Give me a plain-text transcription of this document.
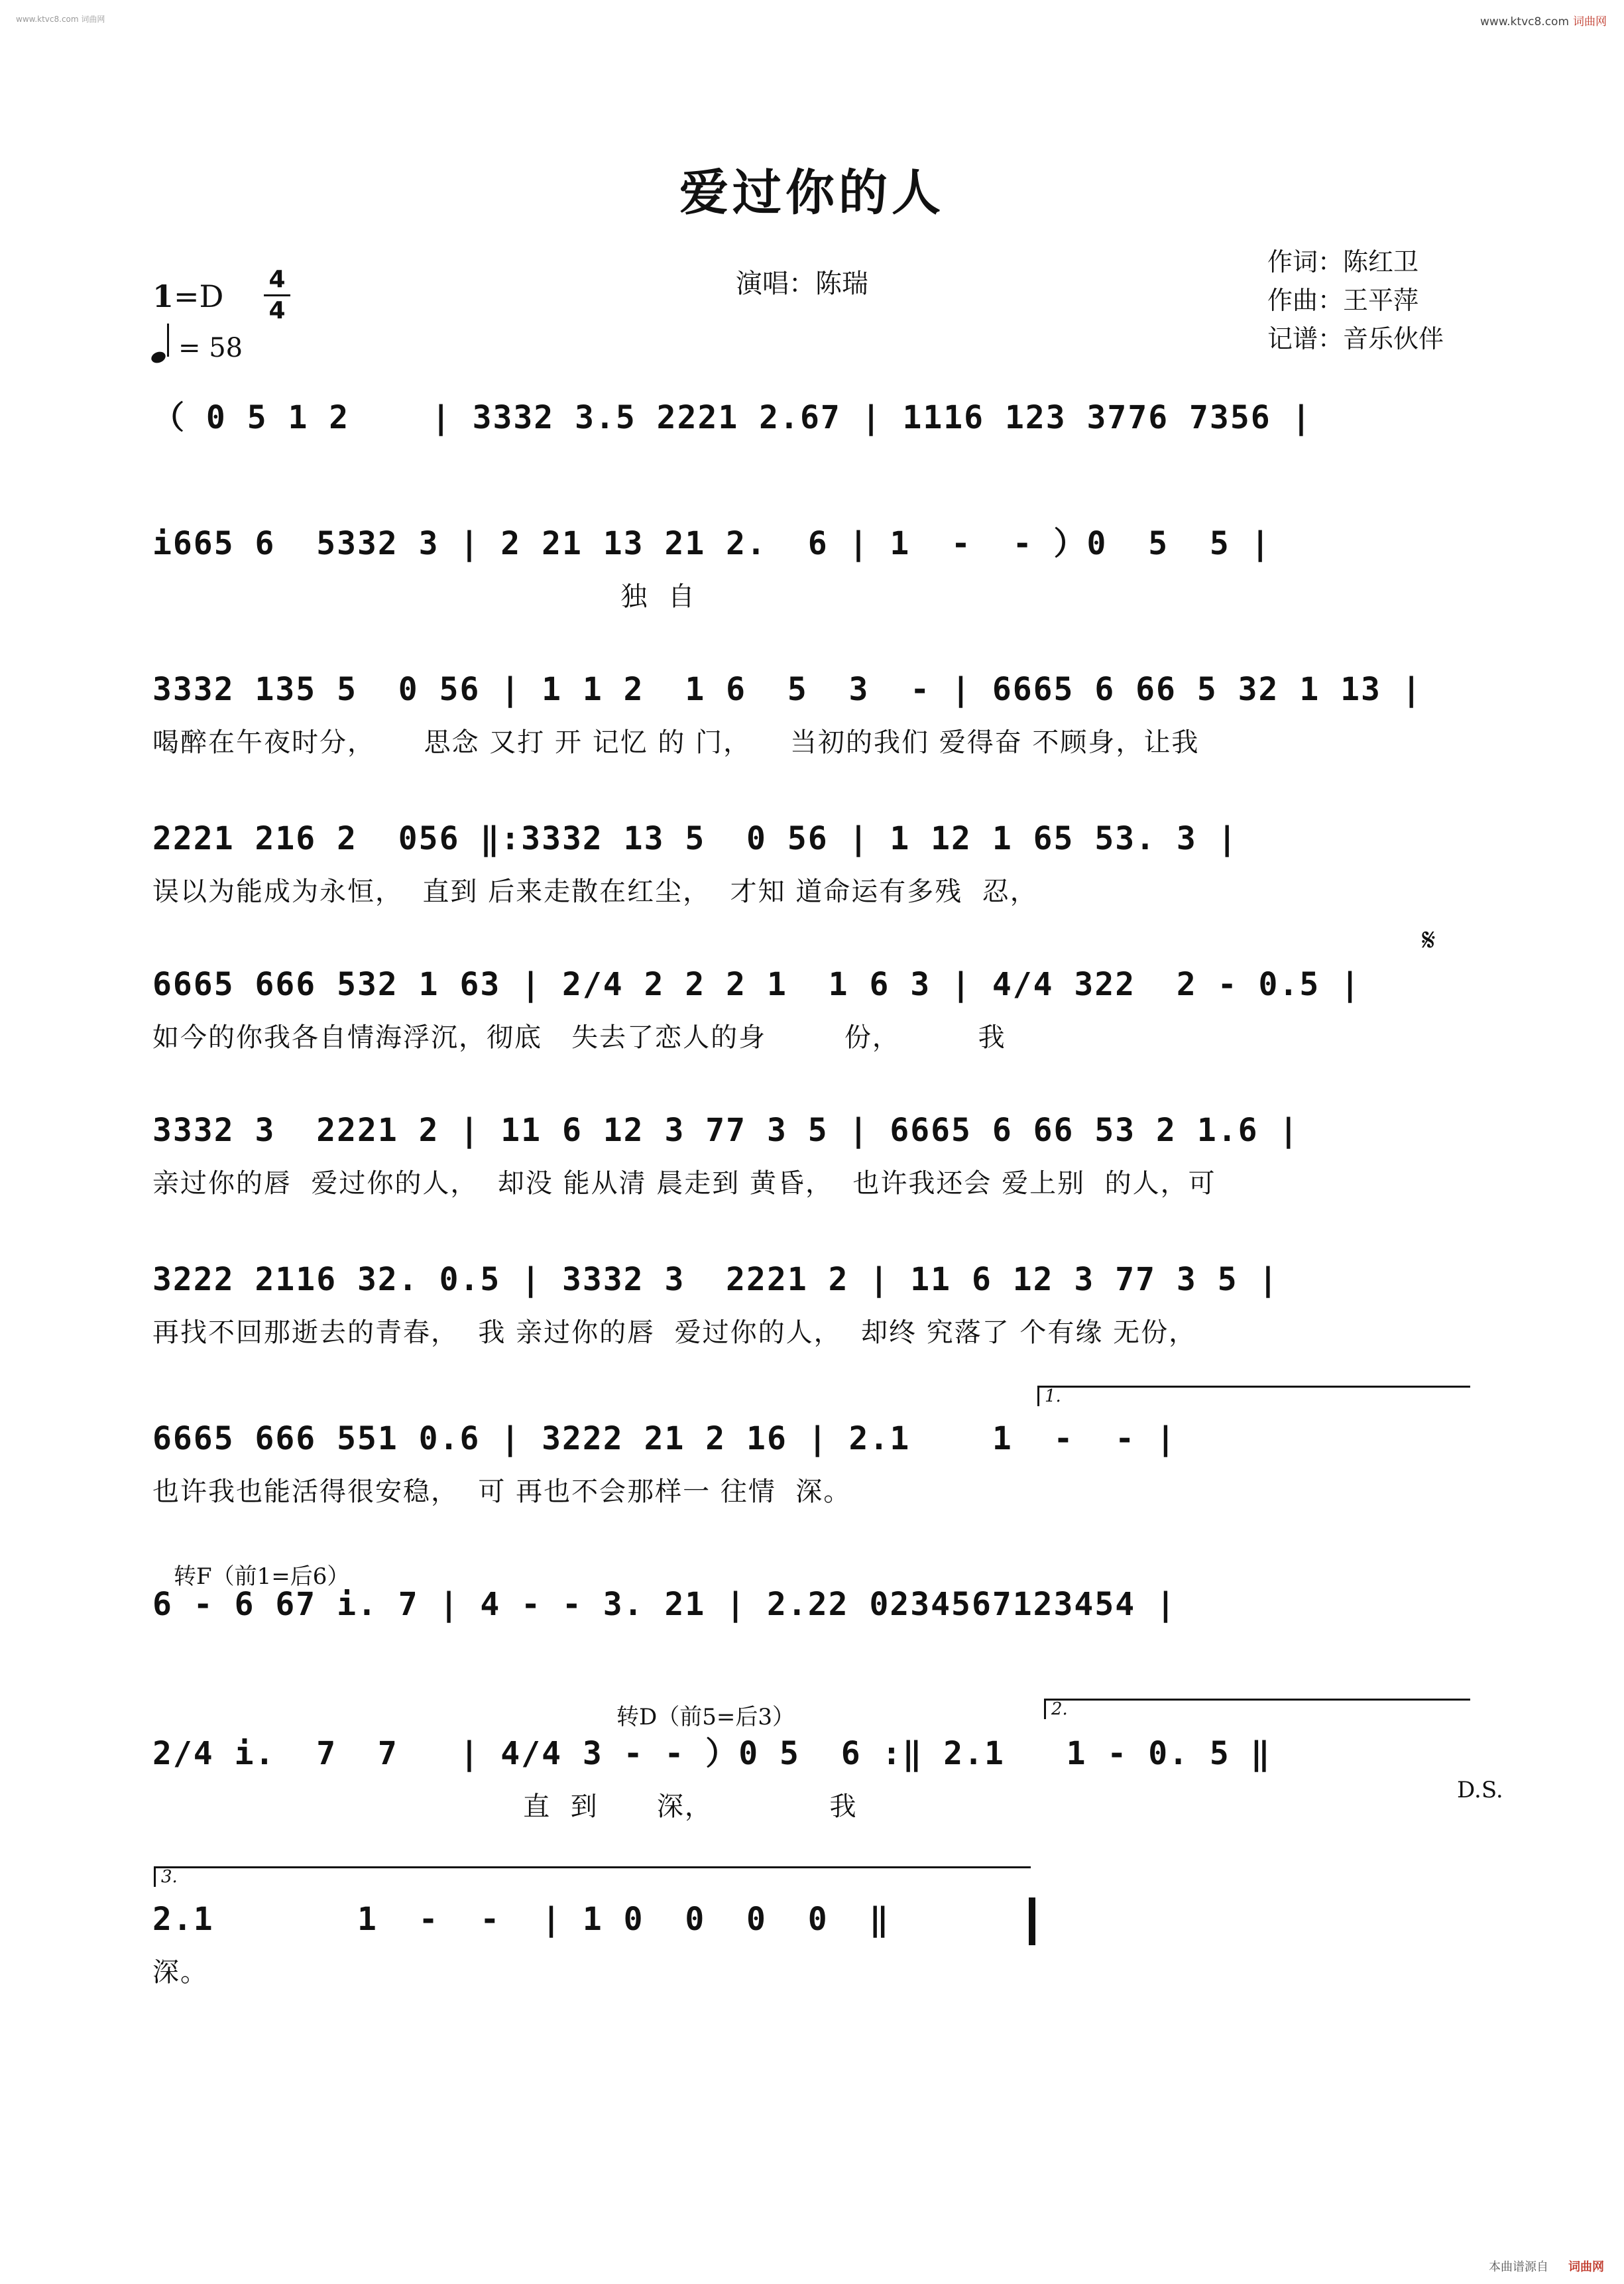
www.ktvc8.com 词曲网	www.ktvc8.com 词曲网
爱过你的人
演唱：陈瑞
作词：陈红卫
作曲：王平萍
记谱：音乐伙伴
1=D 4
4
= 58
（ 0 5 1 2    | 3332 3.5 2221 2.67 | 1116 123 3776 7356 |
i665 6  5332 3 | 2 21 13 21 2.  6 | 1  -  - ）0  5  5 |
独  自
3332 135 5  0 56 | 1 1 2  1 6  5  3  - | 6665 6 66 5 32 1 13 |
喝醉在午夜时分，     思念 又打 开 记忆 的 门，    当初的我们 爱得奋 不顾身，让我
2221 216 2  056 ‖:3332 13 5  0 56 | 1 12 1 65 53. 3 |
误以为能成为永恒，  直到 后来走散在红尘，  才知 道命运有多残  忍，
𝄋
6665 666 532 1 63 | 2/4 2 2 2 1  1 6 3 | 4/4 322  2 - 0.5 |
如今的你我各自情海浮沉，彻底   失去了恋人的身        份，        我
3332 3  2221 2 | 11 6 12 3 77 3 5 | 6665 6 66 53 2 1.6 |
亲过你的唇  爱过你的人，  却没 能从清 晨走到 黄昏，  也许我还会 爱上别  的人，可
3222 2116 32. 0.5 | 3332 3  2221 2 | 11 6 12 3 77 3 5 |
再找不回那逝去的青春，  我 亲过你的唇  爱过你的人，  却终 究落了 个有缘 无份，
1.
6665 666 551 0.6 | 3222 21 2 16 | 2.1    1  -  - |
也许我也能活得很安稳，  可 再也不会那样一 往情  深。
转F（前1=后6）
6 - 6 67 i. 7 | 4 - - 3. 21 | 2.22 0234567123454 |
转D（前5=后3）	2.
2/4 i.  7  7   | 4/4 3 - - ）0 5  6 :‖ 2.1   1 - 0. 5 ‖
直  到      深，            我
D.S.
3.
2.1       1  -  -  | 1 0  0  0  0  ‖
深。
本曲谱源自 词曲网
